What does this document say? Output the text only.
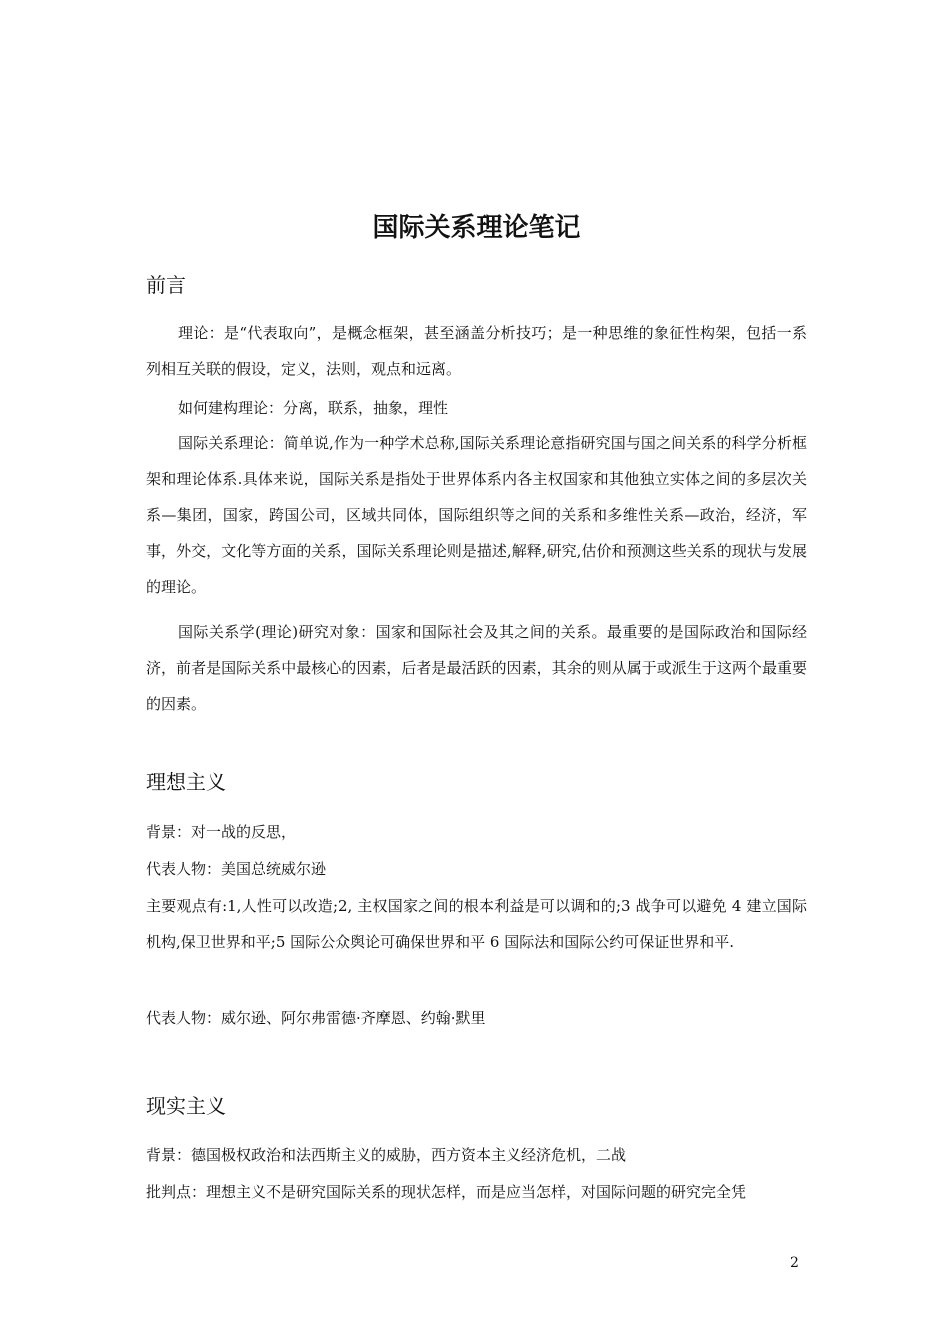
国际关系理论笔记
前言

理论：是“代表取向”，是概念框架，甚至涵盖分析技巧；是一种思维的象征性构架，包括一系列相互关联的假设，定义，法则，观点和远离。

如何建构理论：分离，联系，抽象，理性

国际关系理论：简单说,作为一种学术总称,国际关系理论意指研究国与国之间关系的科学分析框架和理论体系.具体来说，国际关系是指处于世界体系内各主权国家和其他独立实体之间的多层次关系—集团，国家，跨国公司，区域共同体，国际组织等之间的关系和多维性关系—政治，经济，军事，外交，文化等方面的关系，国际关系理论则是描述,解释,研究,估价和预测这些关系的现状与发展的理论。

国际关系学(理论)研究对象：国家和国际社会及其之间的关系。最重要的是国际政治和国际经济，前者是国际关系中最核心的因素，后者是最活跃的因素，其余的则从属于或派生于这两个最重要的因素。

理想主义

背景：对一战的反思，

代表人物：美国总统威尔逊

主要观点有:1,人性可以改造;2, 主权国家之间的根本利益是可以调和的;3 战争可以避免 4 建立国际机构,保卫世界和平;5 国际公众舆论可确保世界和平 6 国际法和国际公约可保证世界和平.

代表人物：威尔逊、阿尔弗雷德·齐摩恩、约翰·默里

现实主义

背景：德国极权政治和法西斯主义的威胁，西方资本主义经济危机，二战

批判点：理想主义不是研究国际关系的现状怎样，而是应当怎样，对国际问题的研究完全凭

2
